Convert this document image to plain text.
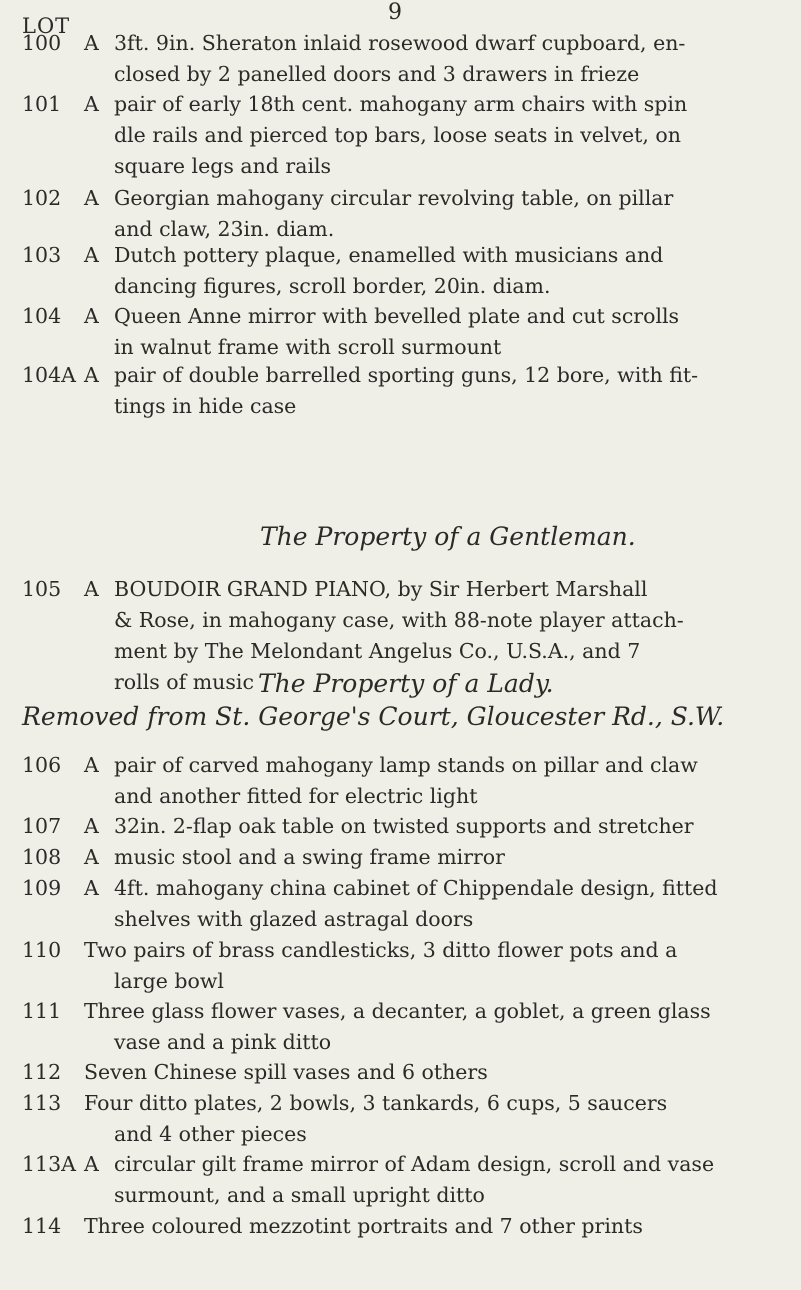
9
LOT
100 A 3ft. 9in. Sheraton inlaid rosewood dwarf cupboard, en-
closed by 2 panelled doors and 3 drawers in frieze
101 A pair of early 18th cent. mahogany arm chairs with spin
dle rails and pierced top bars, loose seats in velvet, on
square legs and rails
102 A Georgian mahogany circular revolving table, on pillar
and claw, 23in. diam.
103 A Dutch pottery plaque, enamelled with musicians and
dancing figures, scroll border, 20in. diam.
104 A Queen Anne mirror with bevelled plate and cut scrolls
in walnut frame with scroll surmount
104A A pair of double barrelled sporting guns, 12 bore, with fit-
tings in hide case
The Property of a Gentleman.
105 A BOUDOIR GRAND PIANO, by Sir Herbert Marshall
& Rose, in mahogany case, with 88-note player attach-
ment by The Melondant Angelus Co., U.S.A., and 7
rolls of music The Property of a Lady.
Removed from St. George's Court, Gloucester Rd., S.W.
106 A pair of carved mahogany lamp stands on pillar and claw
and another fitted for electric light
107 A 32in. 2-flap oak table on twisted supports and stretcher
108 A music stool and a swing frame mirror
109 A 4ft. mahogany china cabinet of Chippendale design, fitted
shelves with glazed astragal doors
110 Two pairs of brass candlesticks, 3 ditto flower pots and a
large bowl
111 Three glass flower vases, a decanter, a goblet, a green glass
vase and a pink ditto
112 Seven Chinese spill vases and 6 others
113 Four ditto plates, 2 bowls, 3 tankards, 6 cups, 5 saucers
and 4 other pieces
113A A circular gilt frame mirror of Adam design, scroll and vase
surmount, and a small upright ditto
114 Three coloured mezzotint portraits and 7 other prints
